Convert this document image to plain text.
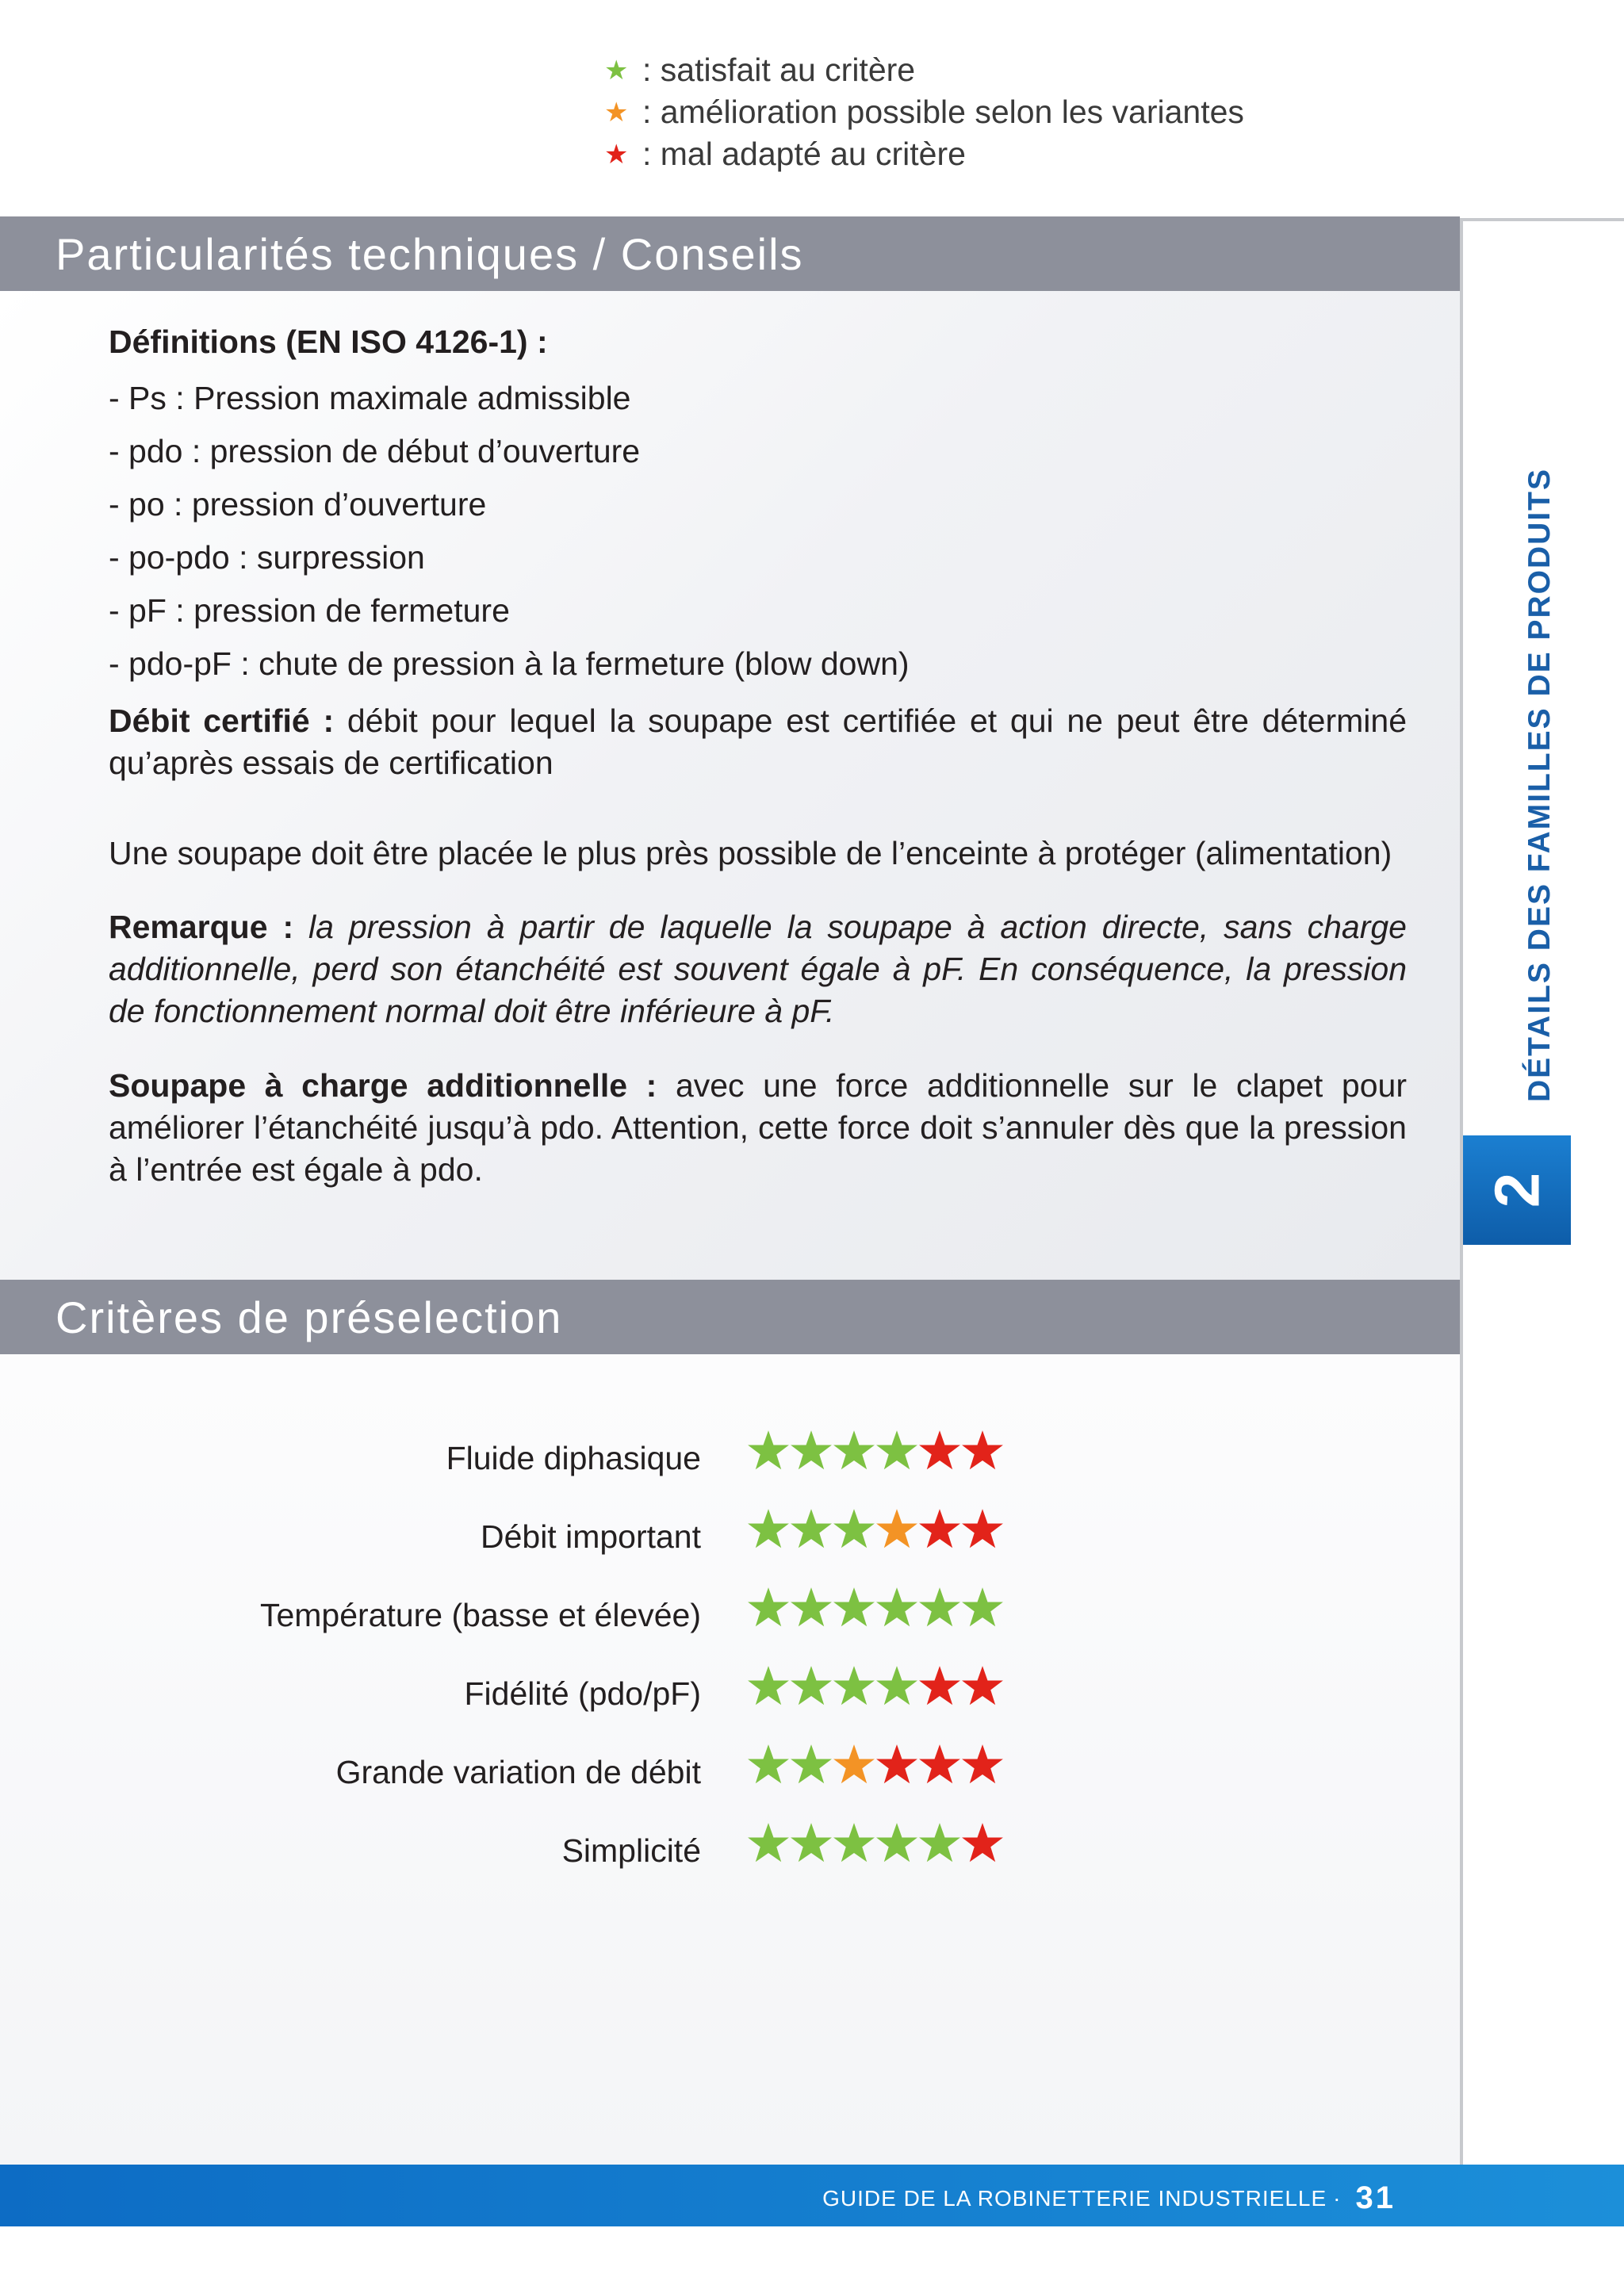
★ : satisfait au critère
★ : amélioration possible selon les variantes
★ : mal adapté au critère
Particularités techniques / Conseils
Définitions (EN ISO 4126-1) :
- Ps : Pression maximale admissible
- pdo : pression de début d’ouverture
- po : pression d’ouverture
- po-pdo : surpression
- pF : pression de fermeture
- pdo-pF : chute de pression à la fermeture (blow down)

Débit certifié : débit pour lequel la soupape est certifiée et qui ne peut être déterminé qu’après essais de certification

Une soupape doit être placée le plus près possible de l’enceinte à protéger (alimentation)

Remarque : la pression à partir de laquelle la soupape à action directe, sans charge additionnelle, perd son étanchéité est souvent égale à pF. En conséquence, la pression de fonctionnement normal doit être inférieure à pF.

Soupape à charge additionnelle : avec une force additionnelle sur le clapet pour améliorer l’étanchéité jusqu’à pdo. Attention, cette force doit s’annuler dès que la pression à l’entrée est égale à pdo.

Critères de préselection
Fluide diphasique
Débit important
Température (basse et élevée)
Fidélité (pdo/pF)
Grande variation de débit
Simplicité
DÉTAILS DES FAMILLES DE PRODUITS
2
GUIDE DE LA ROBINETTERIE INDUSTRIELLE · 31
